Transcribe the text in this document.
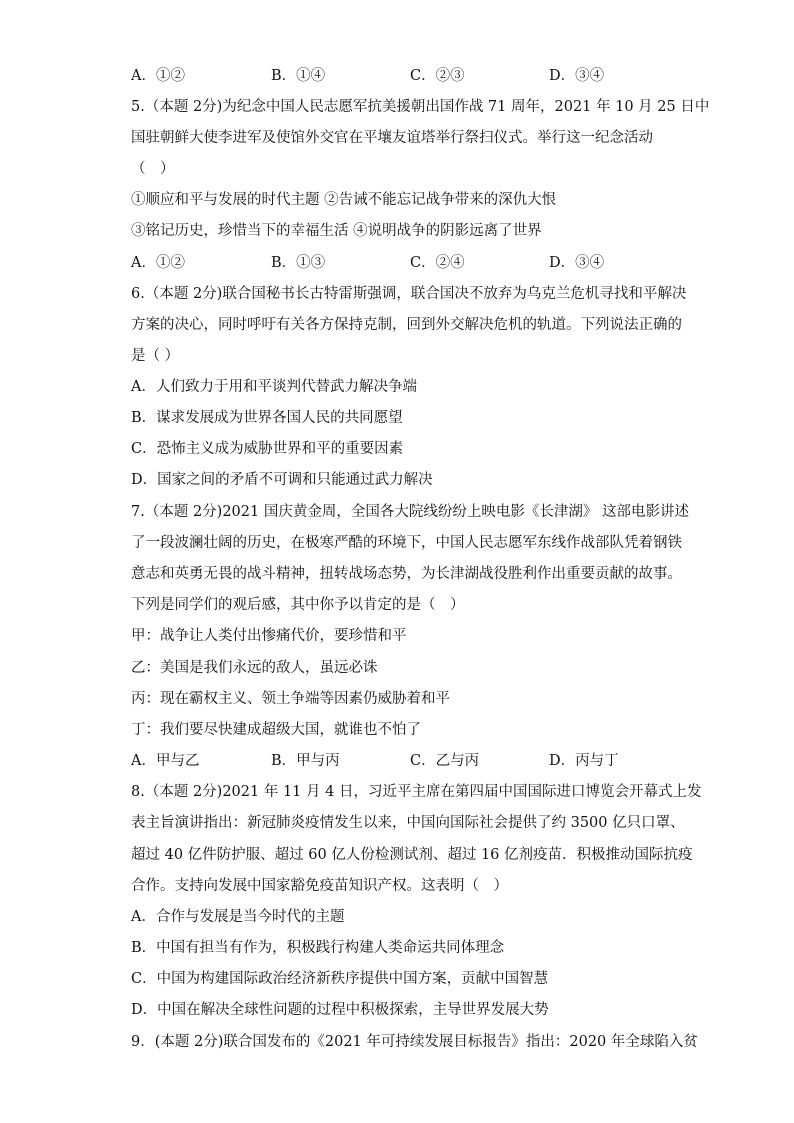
A．①②	B．①④	C．②③	D．③④
5.（本题 2分)为纪念中国人民志愿军抗美援朝出国作战 71 周年，2021 年 10 月 25 日中
国驻朝鲜大使李进军及使馆外交官在平壤友谊塔举行祭扫仪式。举行这一纪念活动
（　）
①顺应和平与发展的时代主题 ②告诫不能忘记战争带来的深仇大恨
③铭记历史，珍惜当下的幸福生活 ④说明战争的阴影远离了世界
A．①②	B．①③	C．②④	D．③④
6.（本题 2分)联合国秘书长古特雷斯强调，联合国决不放弃为乌克兰危机寻找和平解决
方案的决心，同时呼吁有关各方保持克制，回到外交解决危机的轨道。下列说法正确的
是（ ）
A．人们致力于用和平谈判代替武力解决争端
B．谋求发展成为世界各国人民的共同愿望
C．恐怖主义成为威胁世界和平的重要因素
D．国家之间的矛盾不可调和只能通过武力解决
7.（本题 2分)2021 国庆黄金周，全国各大院线纷纷上映电影《长津湖》 这部电影讲述
了一段波澜壮阔的历史，在极寒严酷的环境下，中国人民志愿军东线作战部队凭着钢铁
意志和英勇无畏的战斗精神，扭转战场态势，为长津湖战役胜利作出重要贡献的故事。
下列是同学们的观后感，其中你予以肯定的是（　）
甲：战争让人类付出惨痛代价，要珍惜和平
乙：美国是我们永远的敌人，虽远必诛
丙：现在霸权主义、领土争端等因素仍威胁着和平
丁：我们要尽快建成超级大国，就谁也不怕了
A．甲与乙	B．甲与丙	C．乙与丙	D．丙与丁
8.（本题 2分)2021 年 11 月 4 日，习近平主席在第四届中国国际进口博览会开幕式上发
表主旨演讲指出：新冠肺炎疫情发生以来，中国向国际社会提供了约 3500 亿只口罩、
超过 40 亿件防护服、超过 60 亿人份检测试剂、超过 16 亿剂疫苗．积极推动国际抗疫
合作。支持向发展中国家豁免疫苗知识产权。这表明（　）
A．合作与发展是当今时代的主题
B．中国有担当有作为，积极践行构建人类命运共同体理念
C．中国为构建国际政治经济新秩序提供中国方案，贡献中国智慧
D．中国在解决全球性问题的过程中积极探索，主导世界发展大势
9．(本题 2分)联合国发布的《2021 年可持续发展目标报告》指出：2020 年全球陷入贫
